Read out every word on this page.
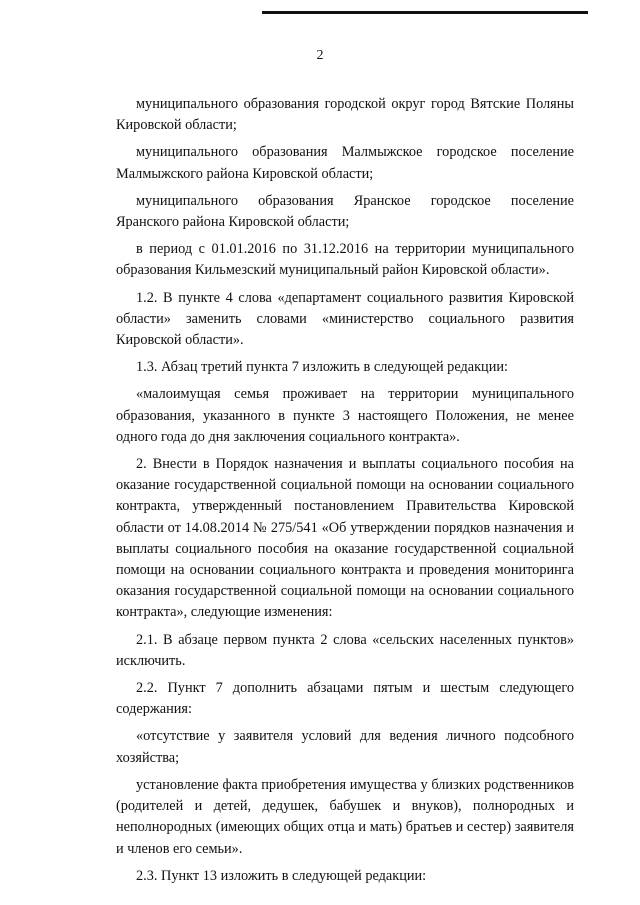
2

муниципального образования городской округ город Вятские Поляны Кировской области;

муниципального образования Малмыжское городское поселение Малмыжского района Кировской области;

муниципального образования Яранское городское поселение Яранского района Кировской области;

в период с 01.01.2016 по 31.12.2016 на территории муниципального образования Кильмезский муниципальный район Кировской области».

1.2. В пункте 4 слова «департамент социального развития Кировской области» заменить словами «министерство социального развития Кировской области».

1.3. Абзац третий пункта 7 изложить в следующей редакции:

«малоимущая семья проживает на территории муниципального образования, указанного в пункте 3 настоящего Положения, не менее одного года до дня заключения социального контракта».

2. Внести в Порядок назначения и выплаты социального пособия на оказание государственной социальной помощи на основании социального контракта, утвержденный постановлением Правительства Кировской области от 14.08.2014 № 275/541 «Об утверждении порядков назначения и выплаты социального пособия на оказание государственной социальной помощи на основании социального контракта и проведения мониторинга оказания государственной социальной помощи на основании социального контракта», следующие изменения:

2.1. В абзаце первом пункта 2 слова «сельских населенных пунктов» исключить.

2.2. Пункт 7 дополнить абзацами пятым и шестым следующего содержания:

«отсутствие у заявителя условий для ведения личного подсобного хозяйства;

установление факта приобретения имущества у близких родственников (родителей и детей, дедушек, бабушек и внуков), полнородных и неполнородных (имеющих общих отца и мать) братьев и сестер) заявителя и членов его семьи».

2.3. Пункт 13 изложить в следующей редакции:
